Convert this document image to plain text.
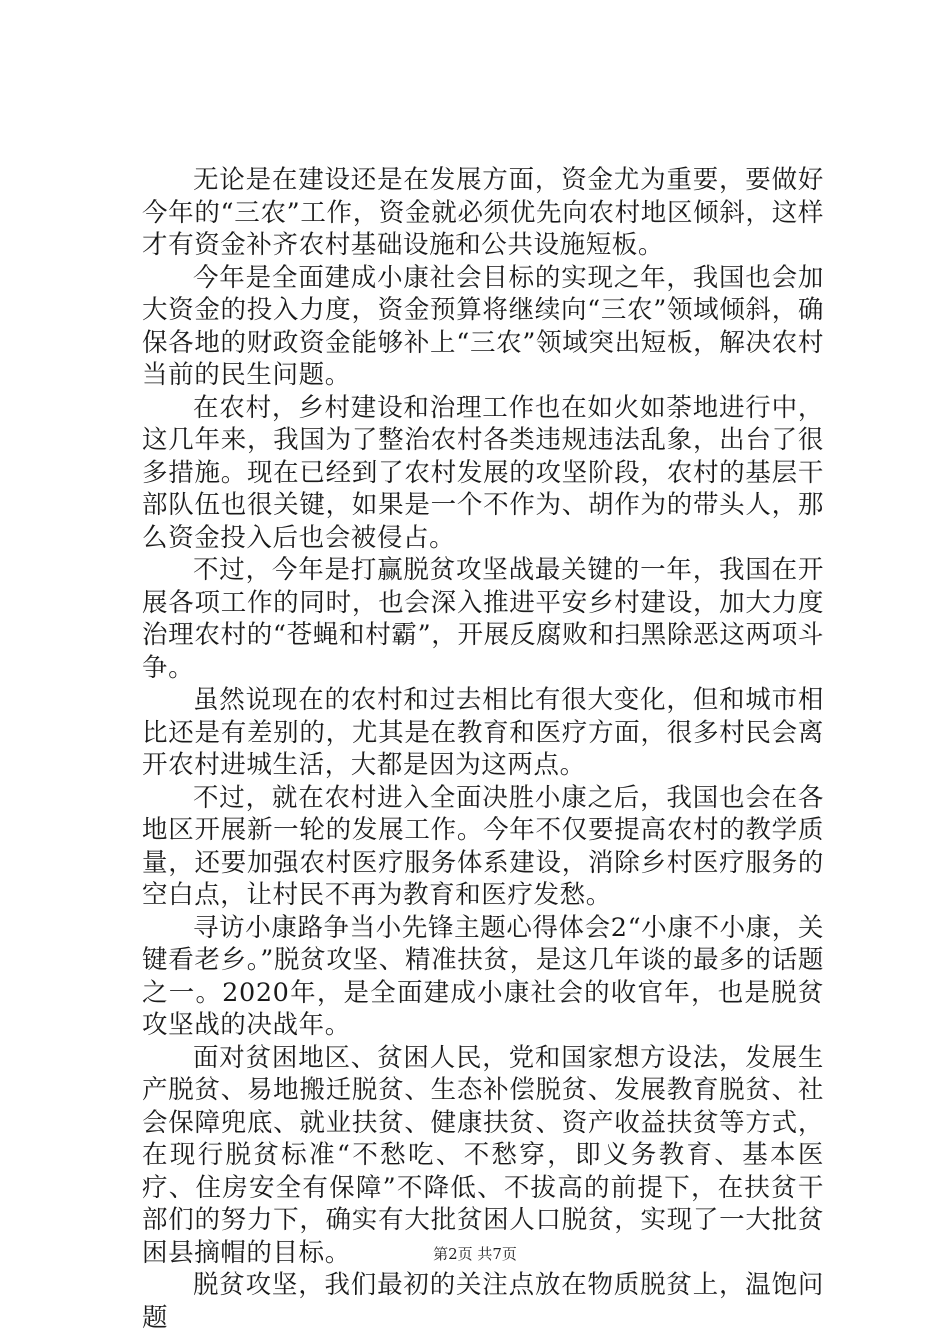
无论是在建设还是在发展方面，资金尤为重要，要做好今年的“三农”工作，资金就必须优先向农村地区倾斜，这样才有资金补齐农村基础设施和公共设施短板。

今年是全面建成小康社会目标的实现之年，我国也会加大资金的投入力度，资金预算将继续向“三农”领域倾斜，确保各地的财政资金能够补上“三农”领域突出短板，解决农村当前的民生问题。

在农村，乡村建设和治理工作也在如火如荼地进行中，这几年来，我国为了整治农村各类违规违法乱象，出台了很多措施。现在已经到了农村发展的攻坚阶段，农村的基层干部队伍也很关键，如果是一个不作为、胡作为的带头人，那么资金投入后也会被侵占。

不过，今年是打赢脱贫攻坚战最关键的一年，我国在开展各项工作的同时，也会深入推进平安乡村建设，加大力度治理农村的“苍蝇和村霸”，开展反腐败和扫黑除恶这两项斗争。

虽然说现在的农村和过去相比有很大变化，但和城市相比还是有差别的，尤其是在教育和医疗方面，很多村民会离开农村进城生活，大都是因为这两点。

不过，就在农村进入全面决胜小康之后，我国也会在各地区开展新一轮的发展工作。今年不仅要提高农村的教学质量，还要加强农村医疗服务体系建设，消除乡村医疗服务的空白点，让村民不再为教育和医疗发愁。

寻访小康路争当小先锋主题心得体会2“小康不小康，关键看老乡。”脱贫攻坚、精准扶贫，是这几年谈的最多的话题之一。2020年，是全面建成小康社会的收官年，也是脱贫攻坚战的决战年。

面对贫困地区、贫困人民，党和国家想方设法，发展生产脱贫、易地搬迁脱贫、生态补偿脱贫、发展教育脱贫、社会保障兜底、就业扶贫、健康扶贫、资产收益扶贫等方式，在现行脱贫标准“不愁吃、不愁穿，即义务教育、基本医疗、住房安全有保障”不降低、不拔高的前提下，在扶贫干部们的努力下，确实有大批贫困人口脱贫，实现了一大批贫困县摘帽的目标。

脱贫攻坚，我们最初的关注点放在物质脱贫上，温饱问题

第2页 共7页
